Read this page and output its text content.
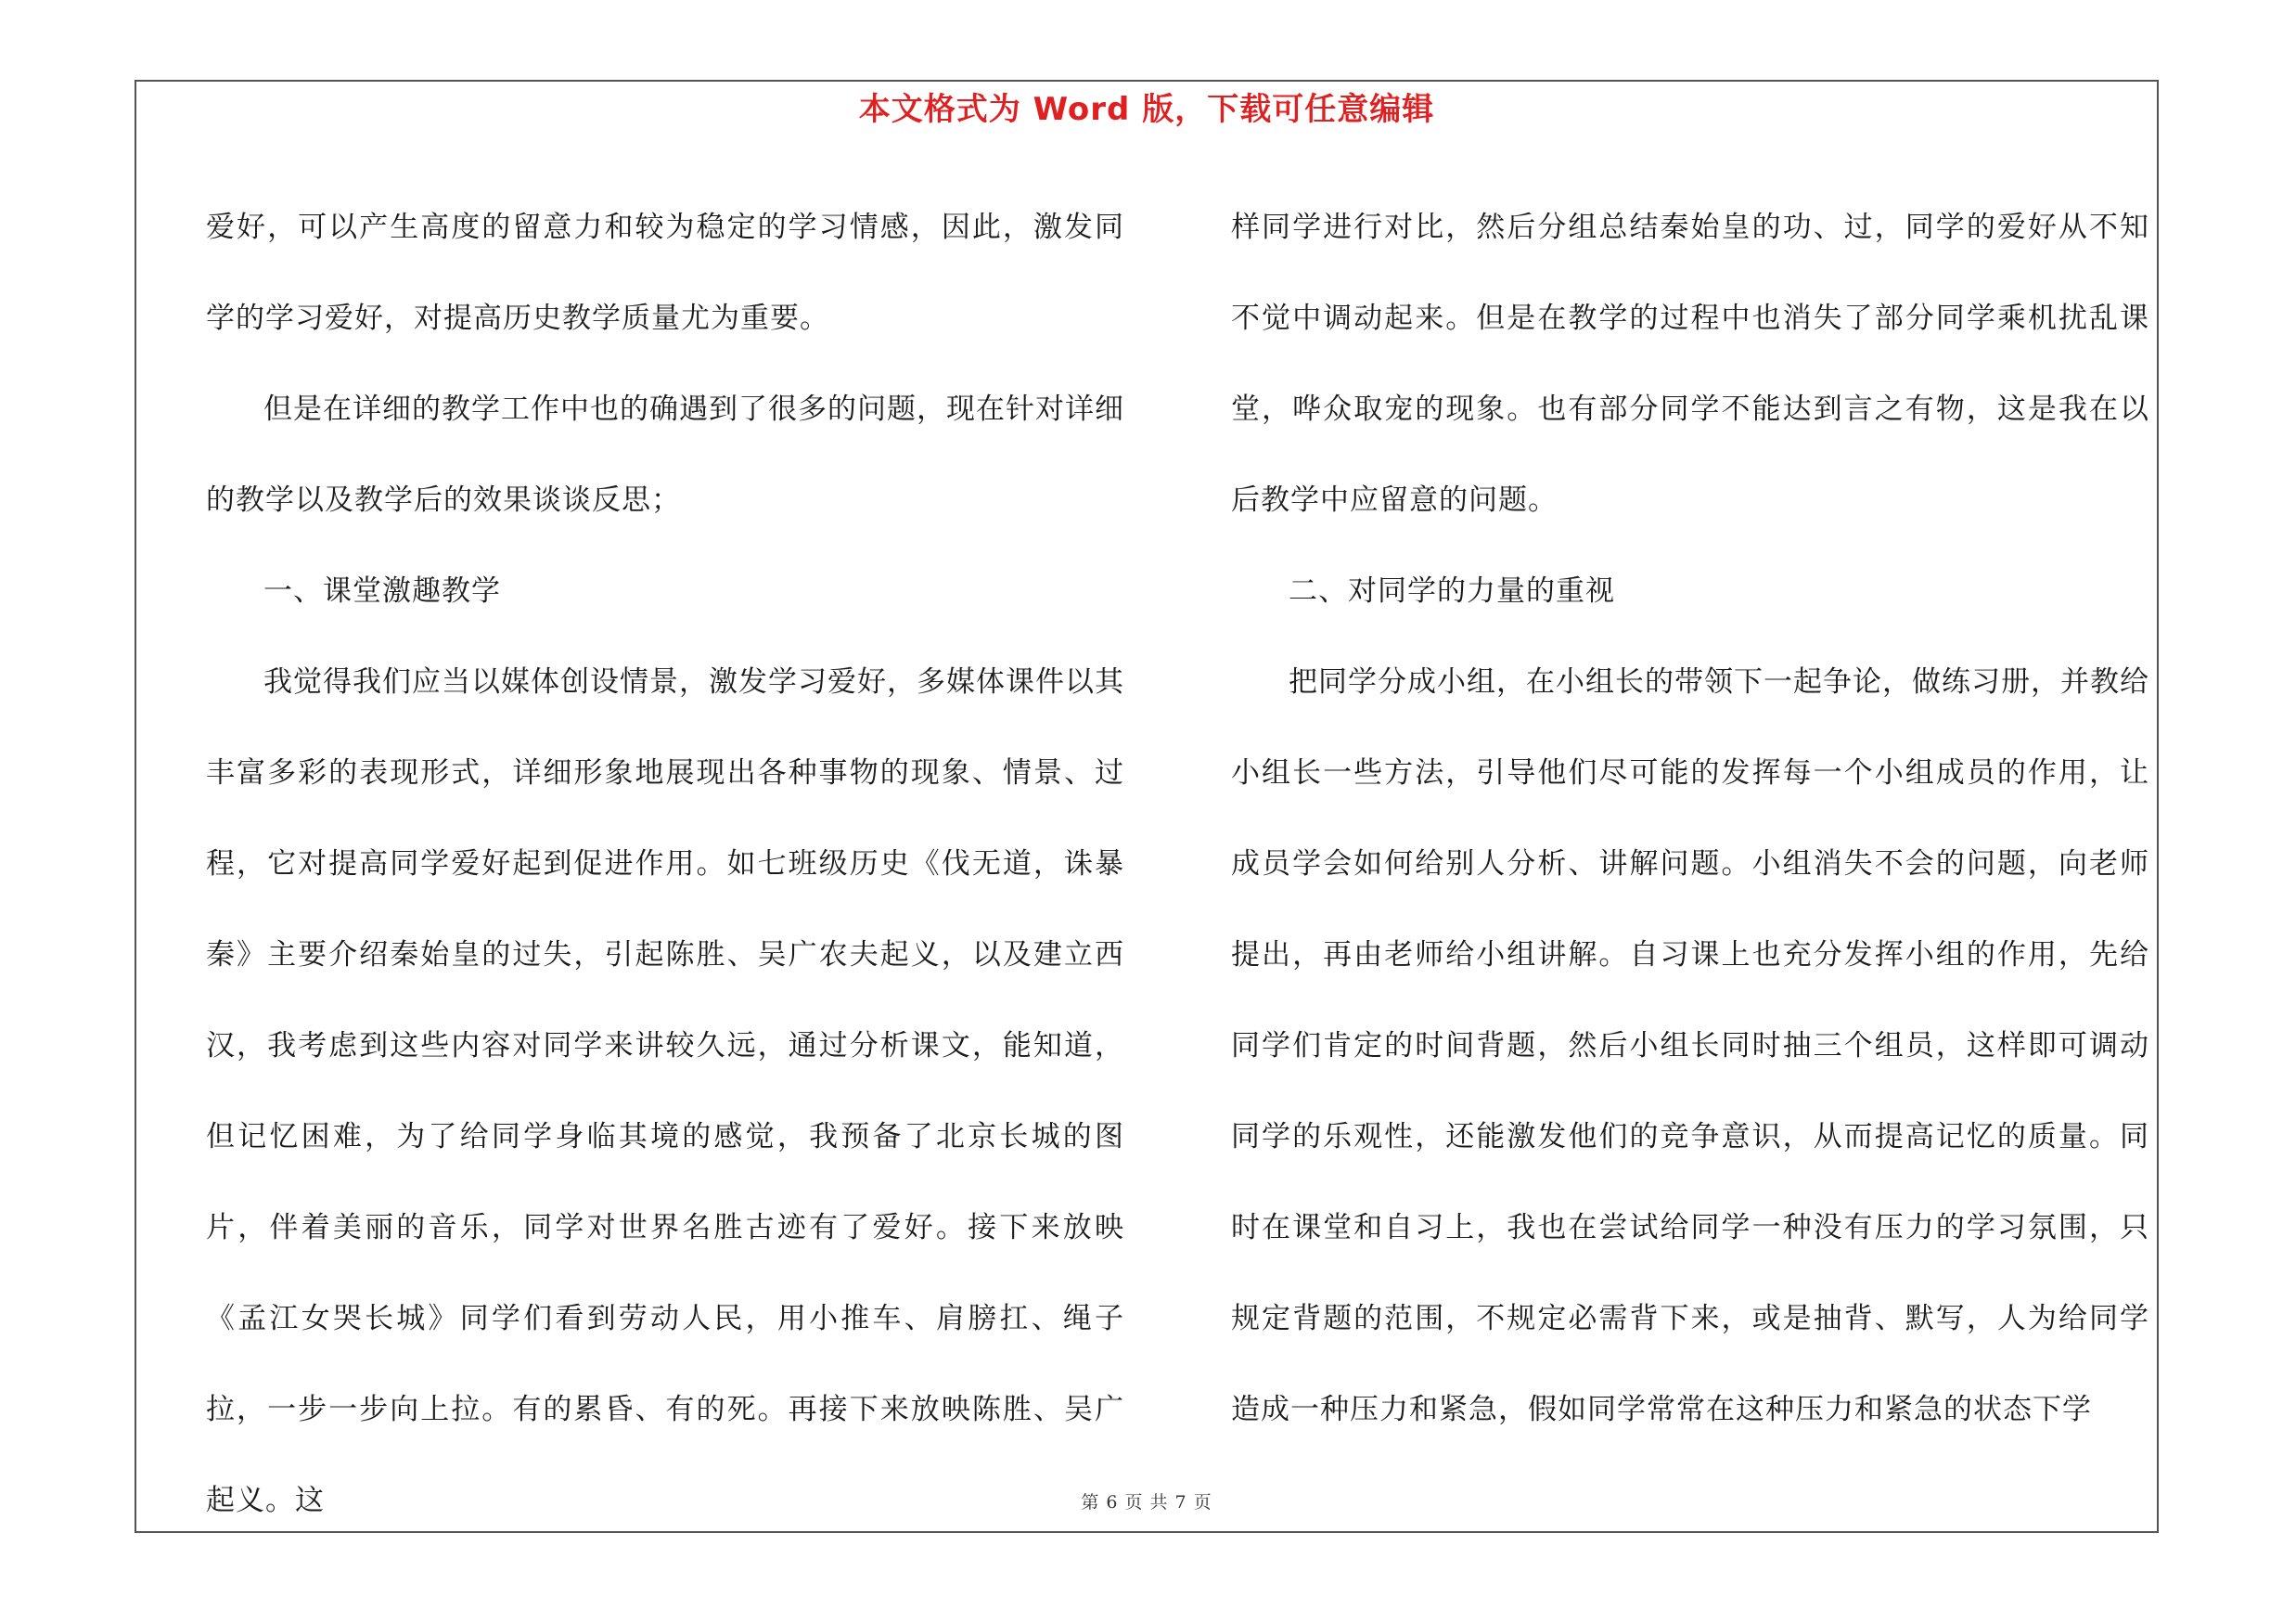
本文格式为 Word 版，下载可任意编辑

爱好，可以产生高度的留意力和较为稳定的学习情感，因此，激发同学的学习爱好，对提高历史教学质量尤为重要。

但是在详细的教学工作中也的确遇到了很多的问题，现在针对详细的教学以及教学后的效果谈谈反思；

一、课堂激趣教学

我觉得我们应当以媒体创设情景，激发学习爱好，多媒体课件以其丰富多彩的表现形式，详细形象地展现出各种事物的现象、情景、过程，它对提高同学爱好起到促进作用。如七班级历史《伐无道，诛暴秦》主要介绍秦始皇的过失，引起陈胜、吴广农夫起义，以及建立西汉，我考虑到这些内容对同学来讲较久远，通过分析课文，能知道，但记忆困难，为了给同学身临其境的感觉，我预备了北京长城的图片，伴着美丽的音乐，同学对世界名胜古迹有了爱好。接下来放映《孟江女哭长城》同学们看到劳动人民，用小推车、肩膀扛、绳子拉，一步一步向上拉。有的累昏、有的死。再接下来放映陈胜、吴广起义。这

样同学进行对比，然后分组总结秦始皇的功、过，同学的爱好从不知不觉中调动起来。但是在教学的过程中也消失了部分同学乘机扰乱课堂，哗众取宠的现象。也有部分同学不能达到言之有物，这是我在以后教学中应留意的问题。

二、对同学的力量的重视

把同学分成小组，在小组长的带领下一起争论，做练习册，并教给小组长一些方法，引导他们尽可能的发挥每一个小组成员的作用，让成员学会如何给别人分析、讲解问题。小组消失不会的问题，向老师提出，再由老师给小组讲解。自习课上也充分发挥小组的作用，先给同学们肯定的时间背题，然后小组长同时抽三个组员，这样即可调动同学的乐观性，还能激发他们的竞争意识，从而提高记忆的质量。同时在课堂和自习上，我也在尝试给同学一种没有压力的学习氛围，只规定背题的范围，不规定必需背下来，或是抽背、默写，人为给同学造成一种压力和紧急，假如同学常常在这种压力和紧急的状态下学

第 6 页 共 7 页
